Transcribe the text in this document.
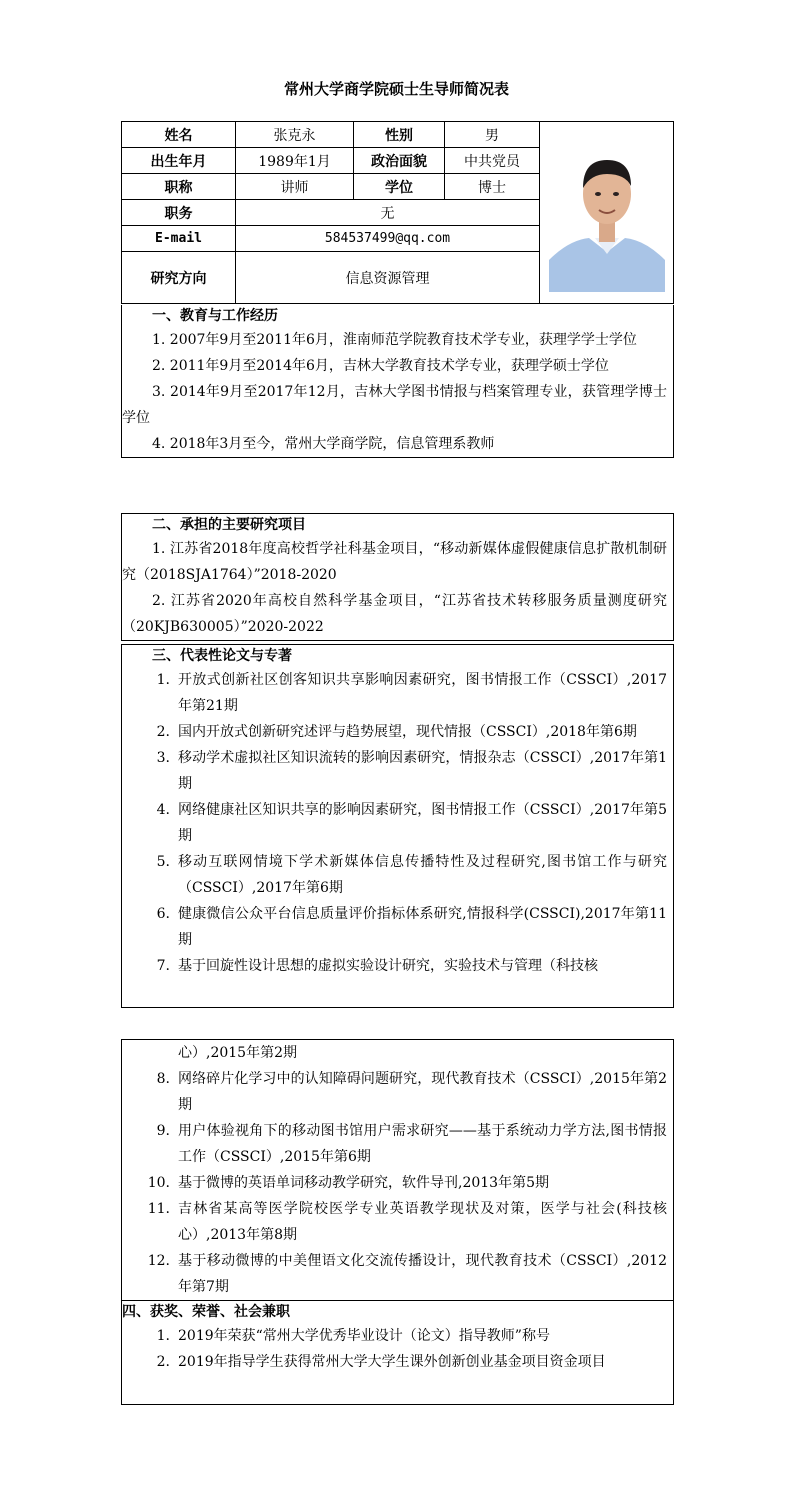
常州大学商学院硕士生导师简况表
姓名	张克永	性别	男	

出生年月	1989年1月	政治面貌	中共党员	
职称	讲师	学位	博士	
职务	无			
E-mail	584537499@qq.com			
研究方向	信息资源管理			
一、教育与工作经历
1. 2007年9月至2011年6月，淮南师范学院教育技术学专业，获理学学士学位
2. 2011年9月至2014年6月，吉林大学教育技术学专业，获理学硕士学位
3. 2014年9月至2017年12月，吉林大学图书情报与档案管理专业，获管理学博士学位
4. 2018年3月至今，常州大学商学院，信息管理系教师
二、承担的主要研究项目
1. 江苏省2018年度高校哲学社科基金项目，“移动新媒体虚假健康信息扩散机制研究（2018SJA1764）”2018-2020
2. 江苏省2020年高校自然科学基金项目，“江苏省技术转移服务质量测度研究（20KJB630005）”2020-2022
三、代表性论文与专著
1. 开放式创新社区创客知识共享影响因素研究，图书情报工作（CSSCI）,2017年第21期
2. 国内开放式创新研究述评与趋势展望，现代情报（CSSCI）,2018年第6期
3. 移动学术虚拟社区知识流转的影响因素研究，情报杂志（CSSCI）,2017年第1期
4. 网络健康社区知识共享的影响因素研究，图书情报工作（CSSCI）,2017年第5期
5. 移动互联网情境下学术新媒体信息传播特性及过程研究,图书馆工作与研究（CSSCI）,2017年第6期
6. 健康微信公众平台信息质量评价指标体系研究,情报科学(CSSCI),2017年第11期
7. 基于回旋性设计思想的虚拟实验设计研究，实验技术与管理（科技核
心）,2015年第2期
8. 网络碎片化学习中的认知障碍问题研究，现代教育技术（CSSCI）,2015年第2期
9. 用户体验视角下的移动图书馆用户需求研究——基于系统动力学方法,图书情报工作（CSSCI）,2015年第6期
10. 基于微博的英语单词移动教学研究，软件导刊,2013年第5期
11. 吉林省某高等医学院校医学专业英语教学现状及对策，医学与社会(科技核心）,2013年第8期
12. 基于移动微博的中美俚语文化交流传播设计，现代教育技术（CSSCI）,2012年第7期
四、获奖、荣誉、社会兼职
1. 2019年荣获“常州大学优秀毕业设计（论文）指导教师”称号
2. 2019年指导学生获得常州大学大学生课外创新创业基金项目资金项目
